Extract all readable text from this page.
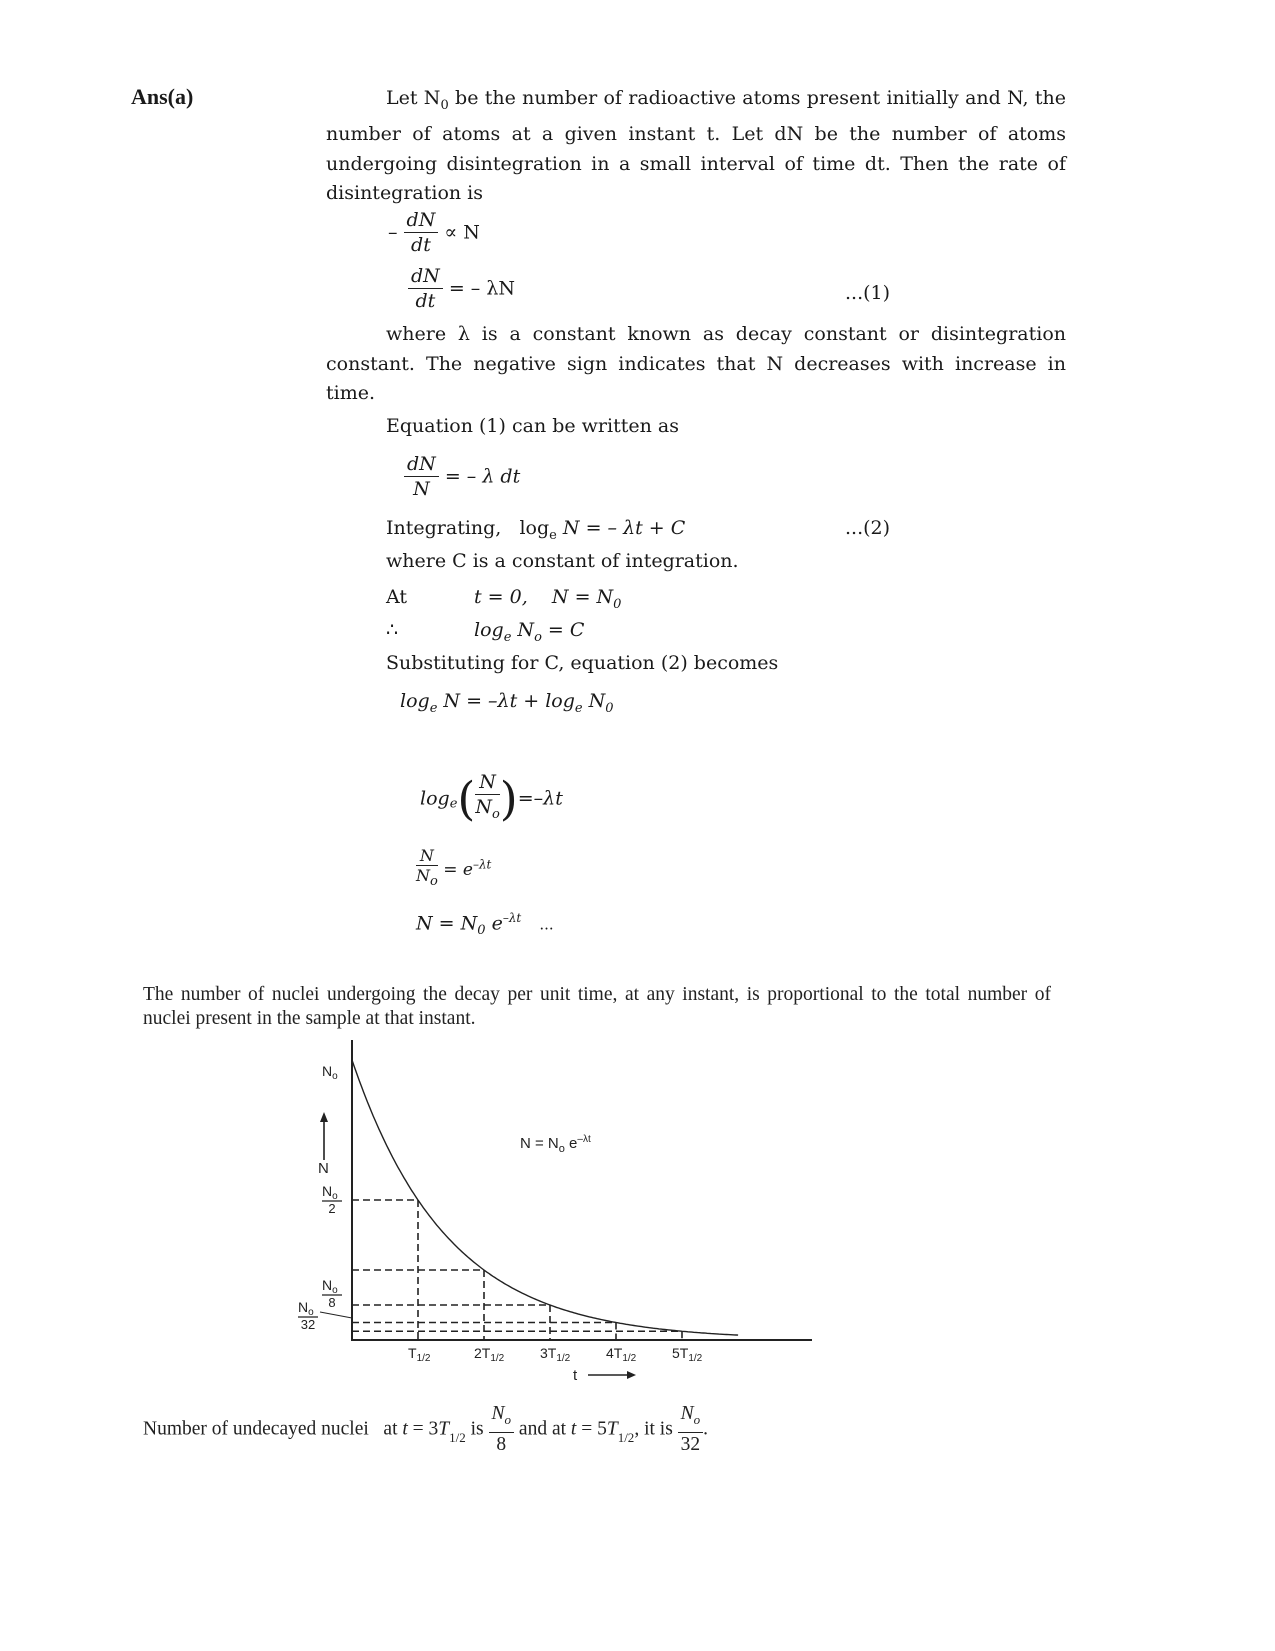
Ans(a)	Let $N_0$ be the number of radioactive atoms present initially and N, the number of atoms at a given instant t. Let dN be the number of atoms undergoing disintegration in a small interval of time dt. Then the rate of disintegration is
– $\frac{dN}{dt} \propto N$
$\frac{dN}{dt}$ = – λN	...(1)
where λ is a constant known as decay constant or disintegration constant. The negative sign indicates that N decreases with increase in time.
Equation (1) can be written as
$\frac{dN}{N}$ = – λ dt
Integrating, $\log_e N$ = – λt + C	...(2)
where C is a constant of integration.
At	t = 0,    $N = N_0$
∴	$\log_e N_o = C$
Substituting for C, equation (2) becomes
$\log_e N = -\lambda t + \log_e N_0$
$\log_e( \frac{N}{N_o} )=-\lambda t$
$\frac{N}{N_o} = e^{-\lambda t}$
$N = N_0$ $e^{-\lambda t}$ ...
The number of nuclei undergoing the decay per unit time, at any instant, is proportional to the total number of nuclei present in the sample at that instant.
N
t
$N = N_o$ $e^{-\lambda t}$
$N_o$
$N_o$
2
$N_o$
8
$N_o$
32
$T_{1/2}$	$2T_{1/2}$	$3T_{1/2}$	$4T_{1/2}$	$5T_{1/2}$
Number of undecayed nuclei   at $t = 3T_{1/2}$ is $\frac{N_o}{8}$ and at $t = 5T_{1/2}$, it is $\frac{N_o}{32}$ .
